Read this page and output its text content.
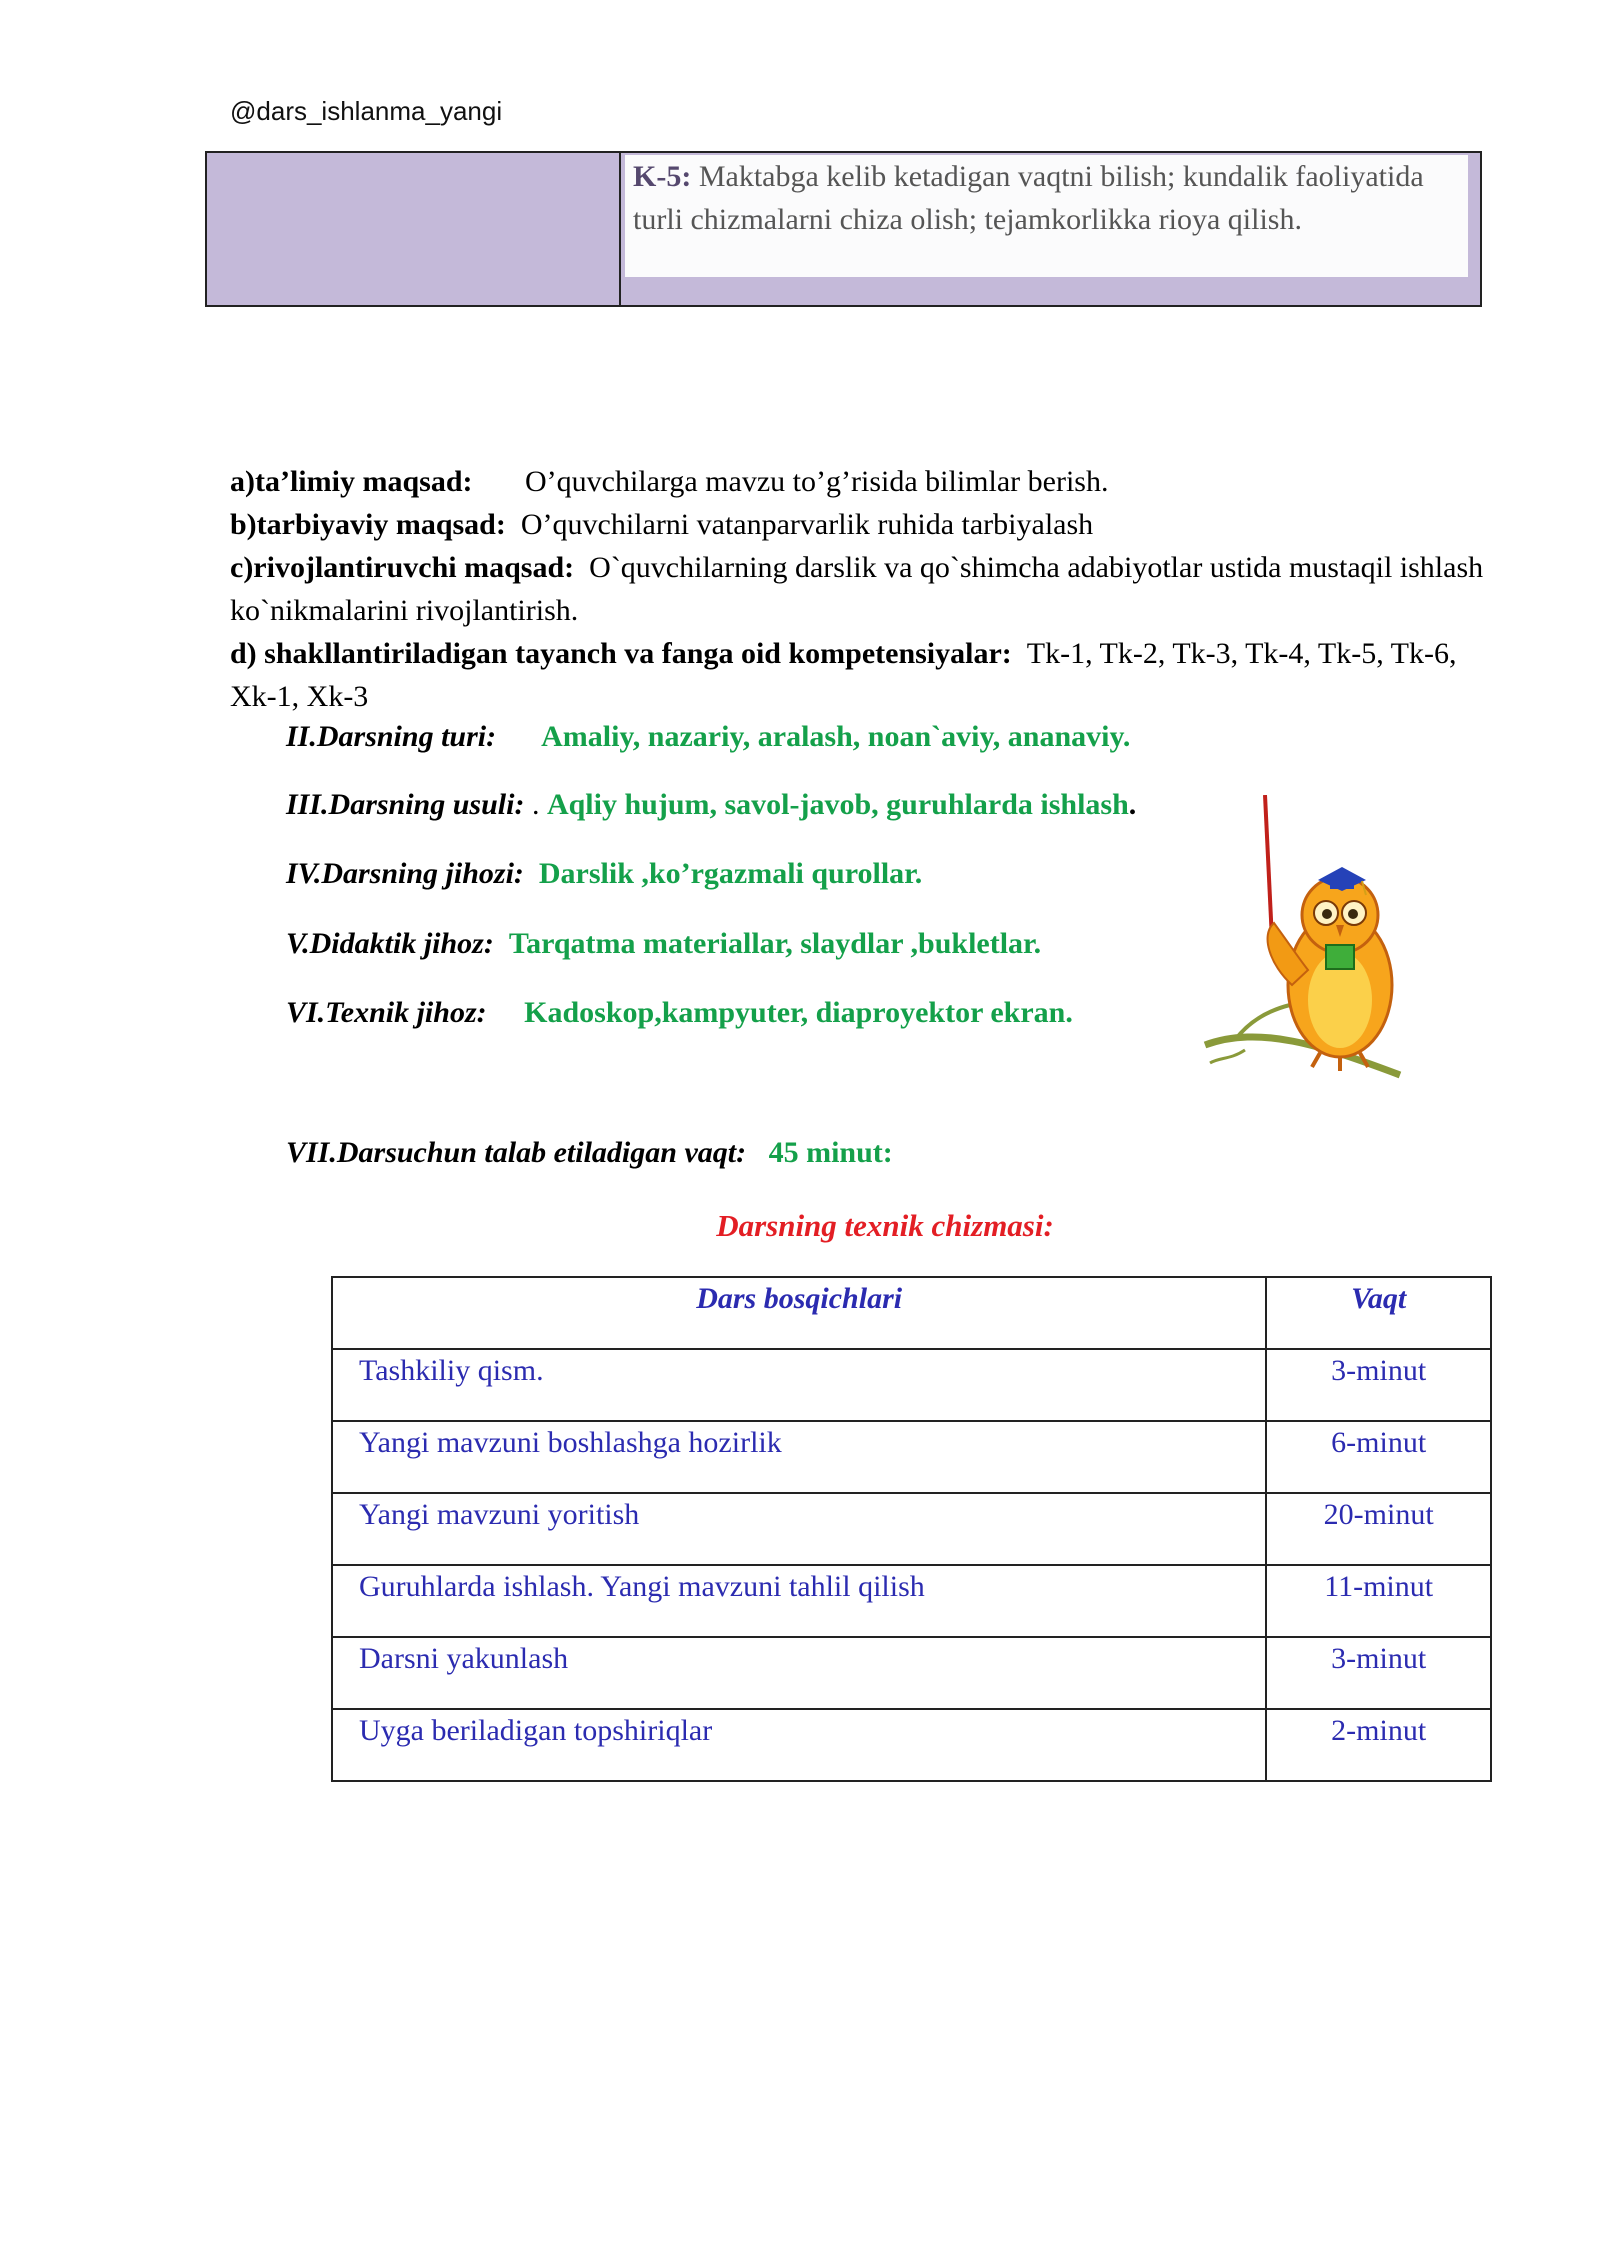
@dars_ishlanma_yangi
K-5: Maktabga kelib ketadigan vaqtni bilish; kundalik faoliyatida turli chizmalarni chiza olish; tejamkorlikka rioya qilish.

a)ta’limiy maqsad: O’quvchilarga mavzu to’g’risida bilimlar berish.

b)tarbiyaviy maqsad: O’quvchilarni vatanparvarlik ruhida tarbiyalash

c)rivojlantiruvchi maqsad: O`quvchilarning darslik va qo`shimcha adabiyotlar ustida mustaqil ishlash ko`nikmalarini rivojlantirish.

d) shakllantiriladigan tayanch va fanga oid kompetensiyalar: Tk-1, Tk-2, Tk-3, Tk-4, Tk-5, Tk-6, Xk-1, Xk-3

II.Darsning turi: Amaliy, nazariy, aralash, noan`aviy, ananaviy.
III.Darsning usuli: . Aqliy hujum, savol-javob, guruhlarda ishlash.
IV.Darsning jihozi: Darslik ,ko’rgazmali qurollar.
V.Didaktik jihoz: Tarqatma materiallar, slaydlar ,bukletlar.
VI.Texnik jihoz: Kadoskop,kampyuter, diaproyektor ekran.
VII.Darsuchun talab etiladigan vaqt: 45 minut:
Darsning texnik chizmasi:
Dars bosqichlari	Vaqt
Tashkiliy qism.	3-minut
Yangi mavzuni boshlashga hozirlik	6-minut
Yangi mavzuni yoritish	20-minut
Guruhlarda ishlash. Yangi mavzuni tahlil qilish	11-minut
Darsni yakunlash	3-minut
Uyga beriladigan topshiriqlar	2-minut
